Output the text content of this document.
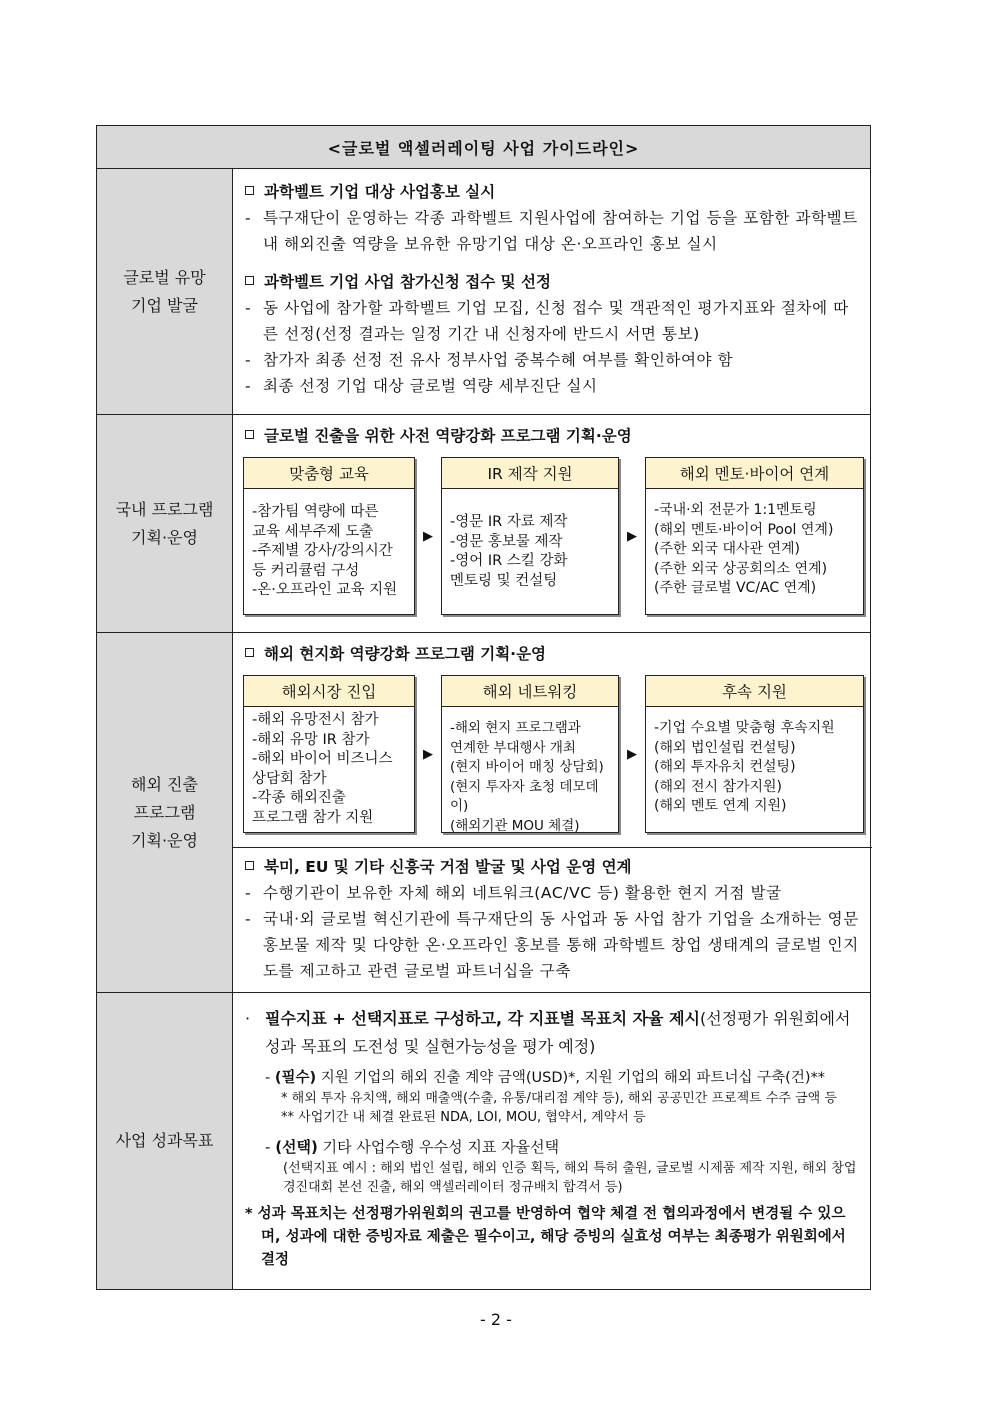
<글로벌 액셀러레이팅 사업 가이드라인>
글로벌 유망
기업 발굴
과학벨트 기업 대상 사업홍보 실시
- 특구재단이 운영하는 각종 과학벨트 지원사업에 참여하는 기업 등을 포함한 과학벨트 내 해외진출 역량을 보유한 유망기업 대상 온·오프라인 홍보 실시
과학벨트 기업 사업 참가신청 접수 및 선정
- 동 사업에 참가할 과학벨트 기업 모집, 신청 접수 및 객관적인 평가지표와 절차에 따른 선정(선정 결과는 일정 기간 내 신청자에 반드시 서면 통보)
- 참가자 최종 선정 전 유사 정부사업 중복수혜 여부를 확인하여야 함
- 최종 선정 기업 대상 글로벌 역량 세부진단 실시
국내 프로그램
기획·운영
글로벌 진출을 위한 사전 역량강화 프로그램 기획·운영
맞춤형 교육
-참가팀 역량에 따른
교육 세부주제 도출
-주제별 강사/강의시간
등 커리큘럼 구성
-온·오프라인 교육 지원
▶
IR 제작 지원
-영문 IR 자료 제작
-영문 홍보물 제작
-영어 IR 스킬 강화
멘토링 및 컨설팅
▶
해외 멘토·바이어 연계
-국내·외 전문가 1:1멘토링
(해외 멘토·바이어 Pool 연계)
(주한 외국 대사관 연계)
(주한 외국 상공회의소 연계)
(주한 글로벌 VC/AC 연계)
해외 진출
프로그램
기획·운영
해외 현지화 역량강화 프로그램 기획·운영
해외시장 진입
-해외 유망전시 참가
-해외 유망 IR 참가
-해외 바이어 비즈니스
상담회 참가
-각종 해외진출
프로그램 참가 지원
▶
해외 네트워킹
-해외 현지 프로그램과
연계한 부대행사 개최
(현지 바이어 매칭 상담회)
(현지 투자자 초청 데모데이)
(해외기관 MOU 체결)
▶
후속 지원
-기업 수요별 맞춤형 후속지원
(해외 법인설립 컨설팅)
(해외 투자유치 컨설팅)
(해외 전시 참가지원)
(해외 멘토 연계 지원)
북미, EU 및 기타 신흥국 거점 발굴 및 사업 운영 연계
- 수행기관이 보유한 자체 해외 네트워크(AC/VC 등) 활용한 현지 거점 발굴
- 국내·외 글로벌 혁신기관에 특구재단의 동 사업과 동 사업 참가 기업을 소개하는 영문 홍보물 제작 및 다양한 온·오프라인 홍보를 통해 과학벨트 창업 생태계의 글로벌 인지도를 제고하고 관련 글로벌 파트너십을 구축
사업 성과목표
· 필수지표 + 선택지표로 구성하고, 각 지표별 목표치 자율 제시(선정평가 위원회에서 성과 목표의 도전성 및 실현가능성을 평가 예정)
- (필수) 지원 기업의 해외 진출 계약 금액(USD)*, 지원 기업의 해외 파트너십 구축(건)**
* 해외 투자 유치액, 해외 매출액(수출, 유통/대리점 계약 등), 해외 공공민간 프로젝트 수주 금액 등
** 사업기간 내 체결 완료된 NDA, LOI, MOU, 협약서, 계약서 등
- (선택) 기타 사업수행 우수성 지표 자율선택
(선택지표 예시 : 해외 법인 설립, 해외 인증 획득, 해외 특허 출원, 글로벌 시제품 제작 지원, 해외 창업 경진대회 본선 진출, 해외 액셀러레이터 정규배치 합격서 등)
* 성과 목표치는 선정평가위원회의 권고를 반영하여 협약 체결 전 협의과정에서 변경될 수 있으며, 성과에 대한 증빙자료 제출은 필수이고, 해당 증빙의 실효성 여부는 최종평가 위원회에서 결정
- 2 -
